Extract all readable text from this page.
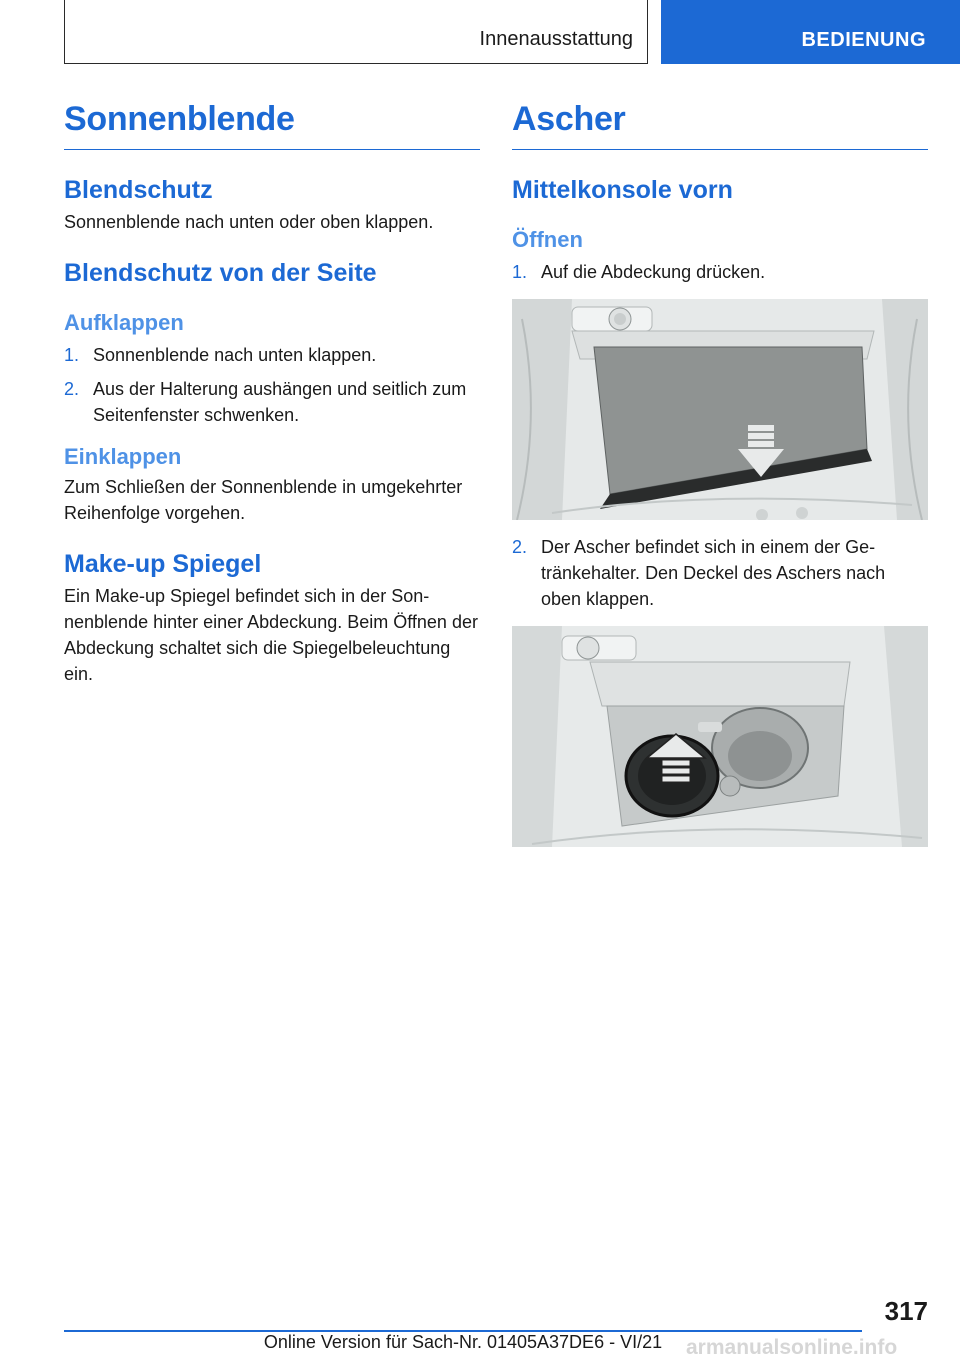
Innenausstattung	BEDIENUNG
Sonnenblende
Blendschutz

Sonnenblende nach unten oder oben klappen.

Blendschutz von der Seite
Aufklappen
1. Sonnenblende nach unten klappen.
2. Aus der Halterung aushängen und seitlich zum Seitenfenster schwenken.
Einklappen

Zum Schließen der Sonnenblende in umgekehrter Reihenfolge vorgehen.

Make-up Spiegel

Ein Make-up Spiegel befindet sich in der Sonnenblende hinter einer Abdeckung. Beim Öffnen der Abdeckung schaltet sich die Spiegelbeleuchtung ein.

Ascher
Mittelkonsole vorn
Öffnen
1. Auf die Abdeckung drücken.
2. Der Ascher befindet sich in einem der Getränkehalter. Den Deckel des Aschers nach oben klappen.
317
Online Version für Sach-Nr. 01405A37DE6 - VI/21	armanualsonline.info
